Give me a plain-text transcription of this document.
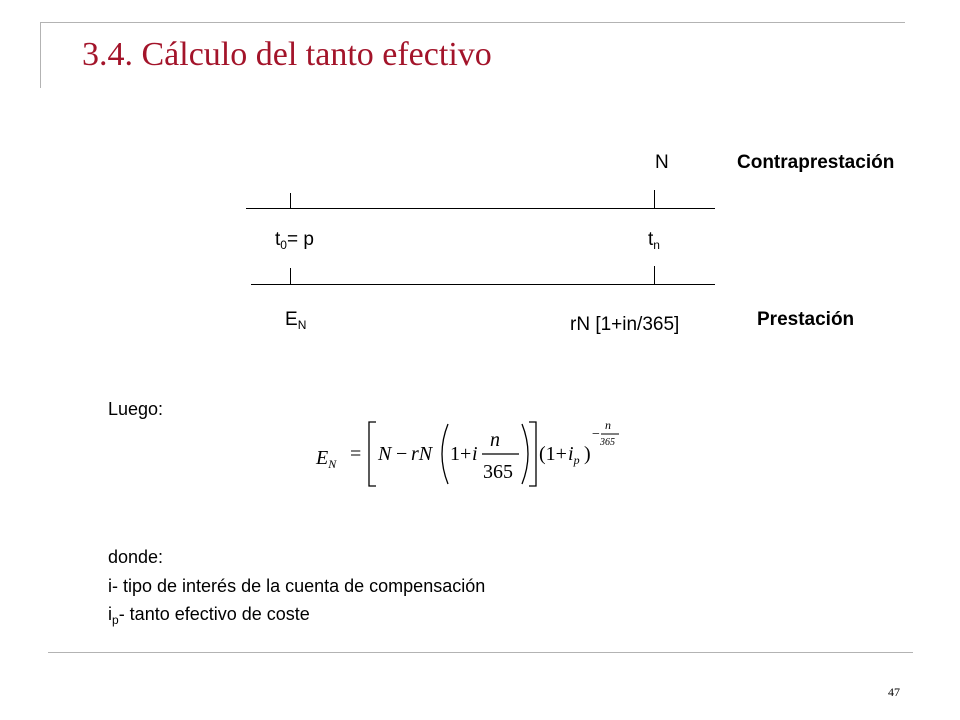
3.4. Cálculo del tanto efectivo
N	Contraprestación
$t_0= p$	$t_n$
$E_N$	rN [1+in/365]	Prestación
Luego:
$E_N = N$ − rN 1+ i
n
365
($1+ i_p$ )
−
n
365
donde:
i- tipo de interés de la cuenta de compensación
$i_p-$ tanto efectivo de coste
47
